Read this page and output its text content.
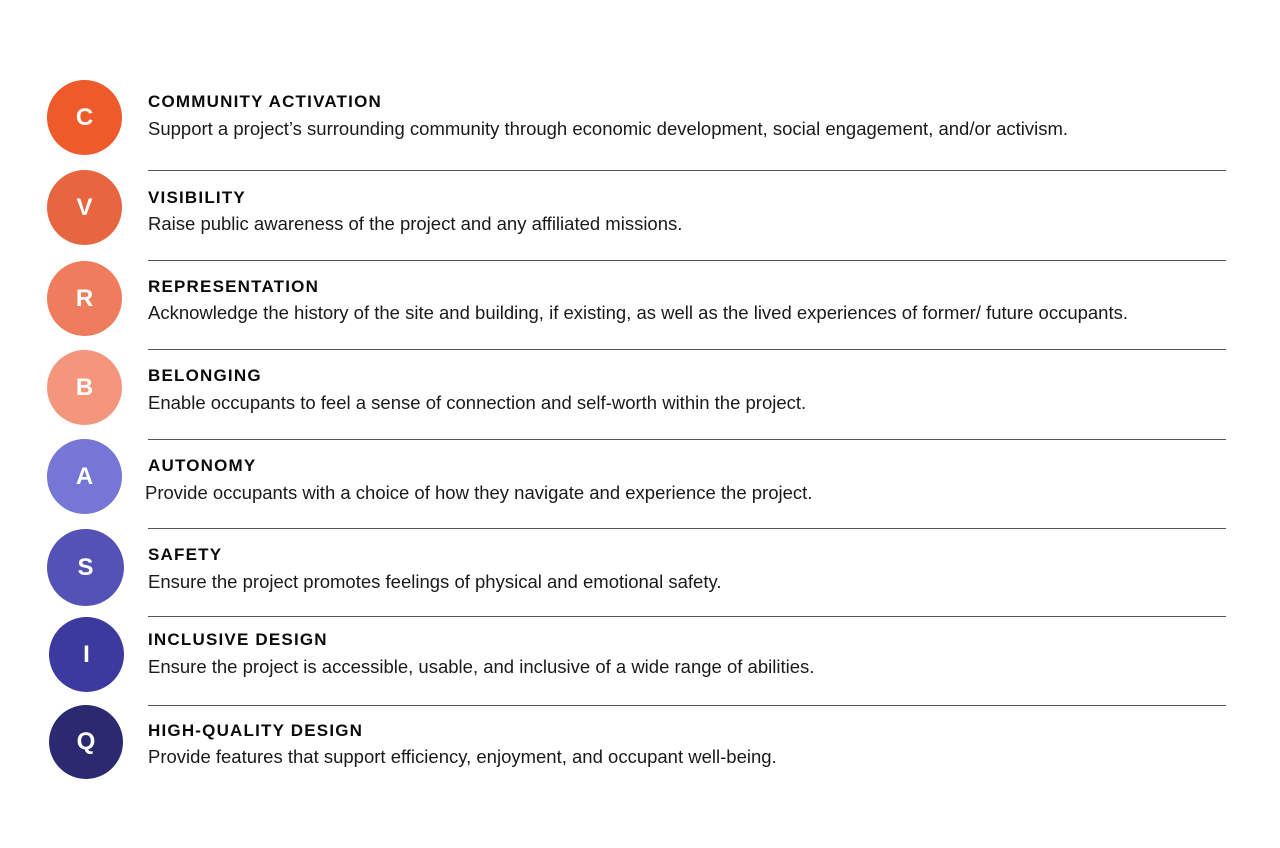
C
COMMUNITY ACTIVATION
Support a project’s surrounding community through economic development, social engagement, and/or activism.
V	VISIBILITY
Raise public awareness of the project and any affiliated missions.
R	REPRESENTATION
Acknowledge the history of the site and building, if existing, as well as the lived experiences of former/ future occupants.
B	BELONGING
Enable occupants to feel a sense of connection and self-worth within the project.
A	AUTONOMY
Provide occupants with a choice of how they navigate and experience the project.
S	SAFETY
Ensure the project promotes feelings of physical and emotional safety.
I
INCLUSIVE DESIGN
Ensure the project is accessible, usable, and inclusive of a wide range of abilities.
Q	HIGH-QUALITY DESIGN
Provide features that support efficiency, enjoyment, and occupant well-being.
